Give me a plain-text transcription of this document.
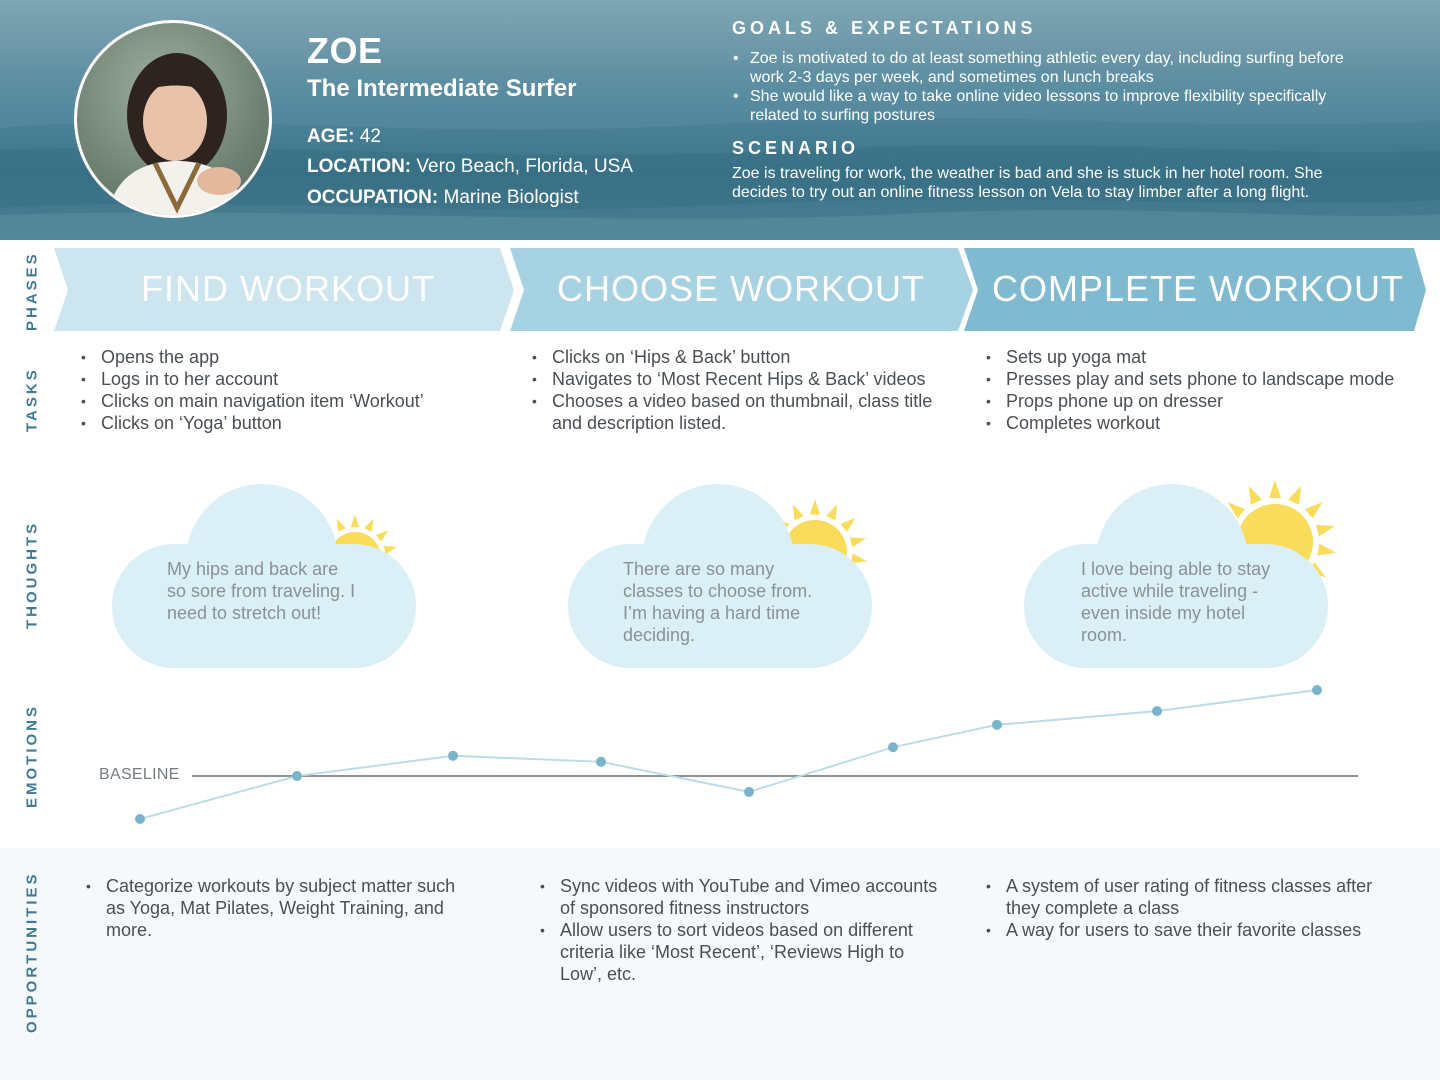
ZOE
The Intermediate Surfer
AGE: 42
LOCATION: Vero Beach, Florida, USA
OCCUPATION: Marine Biologist
GOALS & EXPECTATIONS
• Zoe is motivated to do at least something athletic every day, including surfing before work 2-3 days per week, and sometimes on lunch breaks
• She would like a way to take online video lessons to improve flexibility specifically related to surfing postures
SCENARIO
Zoe is traveling for work, the weather is bad and she is stuck in her hotel room. She decides to try out an online fitness lesson on Vela to stay limber after a long flight.
PHASES
TASKS
THOUGHTS
EMOTIONS
OPPORTUNITIES
FIND WORKOUT	CHOOSE WORKOUT	COMPLETE WORKOUT
• Opens the app
• Logs in to her account
• Clicks on main navigation item ‘Workout’
• Clicks on ‘Yoga’ button
• Clicks on ‘Hips & Back’ button
• Navigates to ‘Most Recent Hips & Back’ videos
• Chooses a video based on thumbnail, class title and description listed.
• Sets up yoga mat
• Presses play and sets phone to landscape mode
• Props phone up on dresser
• Completes workout
My hips and back are so sore from traveling. I need to stretch out!
There are so many classes to choose from. I’m having a hard time deciding.
I love being able to stay active while traveling - even inside my hotel room.
BASELINE
• Categorize workouts by subject matter such as Yoga, Mat Pilates, Weight Training, and more.
• Sync videos with YouTube and Vimeo accounts of sponsored fitness instructors
• Allow users to sort videos based on different criteria like ‘Most Recent’, ‘Reviews High to Low’, etc.
• A system of user rating of fitness classes after they complete a class
• A way for users to save their favorite classes
